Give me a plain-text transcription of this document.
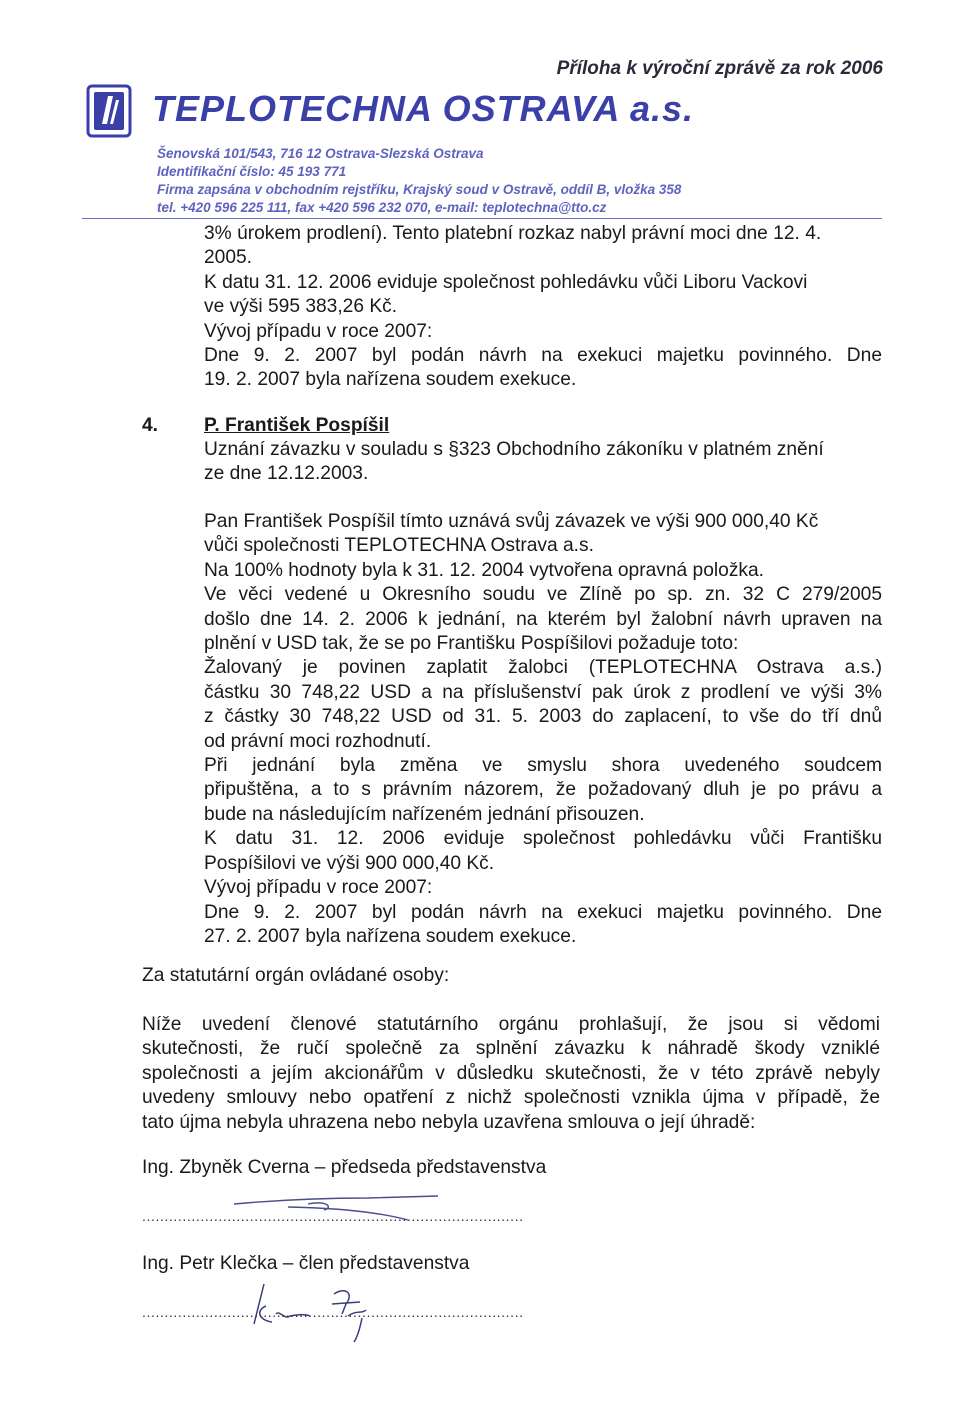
Příloha k výroční zprávě za rok 2006
TEPLOTECHNA OSTRAVA a.s.
Šenovská 101/543, 716 12 Ostrava-Slezská Ostrava
Identifikační číslo: 45 193 771
Firma zapsána v obchodním rejstříku, Krajský soud v Ostravě, oddíl B, vložka 358
tel. +420 596 225 111, fax +420 596 232 070, e-mail: teplotechna@tto.cz
3% úrokem prodlení). Tento platební rozkaz nabyl právní moci dne 12. 4.
2005.
K datu 31. 12. 2006 eviduje společnost pohledávku vůči Liboru Vackovi
ve výši 595 383,26 Kč.
Vývoj případu v roce 2007:
Dne 9. 2. 2007 byl podán návrh na exekuci majetku povinného. Dne
19. 2. 2007 byla nařízena soudem exekuce.
4. P. František Pospíšil
Uznání závazku v souladu s §323 Obchodního zákoníku v platném znění
ze dne 12.12.2003.
Pan František Pospíšil tímto uznává svůj závazek ve výši 900 000,40 Kč
vůči společnosti TEPLOTECHNA Ostrava a.s.
Na 100% hodnoty byla k 31. 12. 2004 vytvořena opravná položka.
Ve věci vedené u Okresního soudu ve Zlíně po sp. zn. 32 C 279/2005
došlo dne 14. 2. 2006 k jednání, na kterém byl žalobní návrh upraven na
plnění v USD tak, že se po Františku Pospíšilovi požaduje toto:
Žalovaný je povinen zaplatit žalobci (TEPLOTECHNA Ostrava a.s.)
částku 30 748,22 USD a na příslušenství pak úrok z prodlení ve výši 3%
z částky 30 748,22 USD od 31. 5. 2003 do zaplacení, to vše do tří dnů
od právní moci rozhodnutí.
Při jednání byla změna ve smyslu shora uvedeného soudcem
připuštěna, a to s právním názorem, že požadovaný dluh je po právu a
bude na následujícím nařízeném jednání přisouzen.
K datu 31. 12. 2006 eviduje společnost pohledávku vůči Františku
Pospíšilovi ve výši 900 000,40 Kč.
Vývoj případu v roce 2007:
Dne 9. 2. 2007 byl podán návrh na exekuci majetku povinného. Dne
27. 2. 2007 byla nařízena soudem exekuce.
Za statutární orgán ovládané osoby:
Níže uvedení členové statutárního orgánu prohlašují, že jsou si vědomi
skutečnosti, že ručí společně za splnění závazku k náhradě škody vzniklé
společnosti a jejím akcionářům v důsledku skutečnosti, že v této zprávě nebyly
uvedeny smlouvy nebo opatření z nichž společnosti vznikla újma v případě, že
tato újma nebyla uhrazena nebo nebyla uzavřena smlouva o její úhradě:
Ing. Zbyněk Cverna – předseda představenstva
.....................................................................................
Ing. Petr Klečka – člen představenstva
.....................................................................................
